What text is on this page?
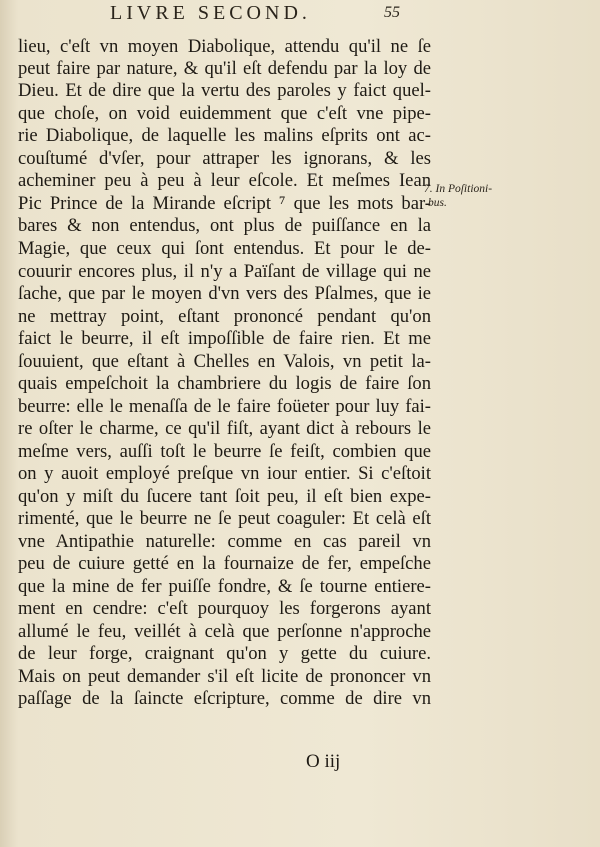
LIVRE SECOND.	55
lieu, c'eſt vn moyen Diabolique, attendu qu'il ne ſe
peut faire par nature, & qu'il eſt defendu par la loy de
Dieu. Et de dire que la vertu des paroles y faict quel-
que choſe, on void euidemment que c'eſt vne pipe-
rie Diabolique, de laquelle les malins eſprits ont ac-
couſtumé d'vſer, pour attraper les ignorans, & les
acheminer peu à peu à leur eſcole. Et meſmes Iean
Pic Prince de la Mirande eſcript ⁷ que les mots bar-
bares & non entendus, ont plus de puiſſance en la
Magie, que ceux qui ſont entendus. Et pour le de-
couurir encores plus, il n'y a Païſant de village qui ne
ſache, que par le moyen d'vn vers des Pſalmes, que ie
ne mettray point, eſtant prononcé pendant qu'on
faict le beurre, il eſt impoſſible de faire rien. Et me
ſouuient, que eſtant à Chelles en Valois, vn petit la-
quais empeſchoit la chambriere du logis de faire ſon
beurre: elle le menaſſa de le faire foüeter pour luy fai-
re oſter le charme, ce qu'il fiſt, ayant dict à rebours le
meſme vers, auſſi toſt le beurre ſe feiſt, combien que
on y auoit employé preſque vn iour entier. Si c'eſtoit
qu'on y miſt du ſucere tant ſoit peu, il eſt bien expe-
rimenté, que le beurre ne ſe peut coaguler: Et celà eſt
vne Antipathie naturelle: comme en cas pareil vn
peu de cuiure getté en la fournaize de fer, empeſche
que la mine de fer puiſſe fondre, & ſe tourne entiere-
ment en cendre: c'eſt pourquoy les forgerons ayant
allumé le feu, veillét à celà que perſonne n'approche
de leur forge, craignant qu'on y gette du cuiure.
Mais on peut demander s'il eſt licite de prononcer vn
paſſage de la ſaincte eſcripture, comme de dire vn
7. In Poſitioni-
bus.
O iij
